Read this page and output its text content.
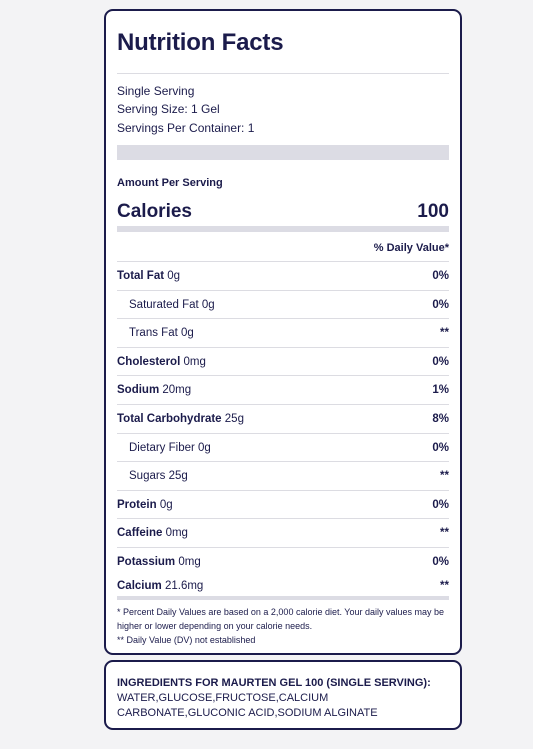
Nutrition Facts
Single Serving
Serving Size: 1 Gel
Servings Per Container: 1
Amount Per Serving
Calories	100
% Daily Value*
Total Fat 0g	0%
Saturated Fat 0g	0%
Trans Fat 0g	**
Cholesterol 0mg	0%
Sodium 20mg	1%
Total Carbohydrate 25g	8%
Dietary Fiber 0g	0%
Sugars 25g	**
Protein 0g	0%
Caffeine 0mg	**
Potassium 0mg	0%
Calcium 21.6mg	**
* Percent Daily Values are based on a 2,000 calorie diet. Your daily values may be higher or lower depending on your calorie needs.
** Daily Value (DV) not established
INGREDIENTS FOR MAURTEN GEL 100 (SINGLE SERVING): WATER,GLUCOSE,FRUCTOSE,CALCIUM CARBONATE,GLUCONIC ACID,SODIUM ALGINATE
